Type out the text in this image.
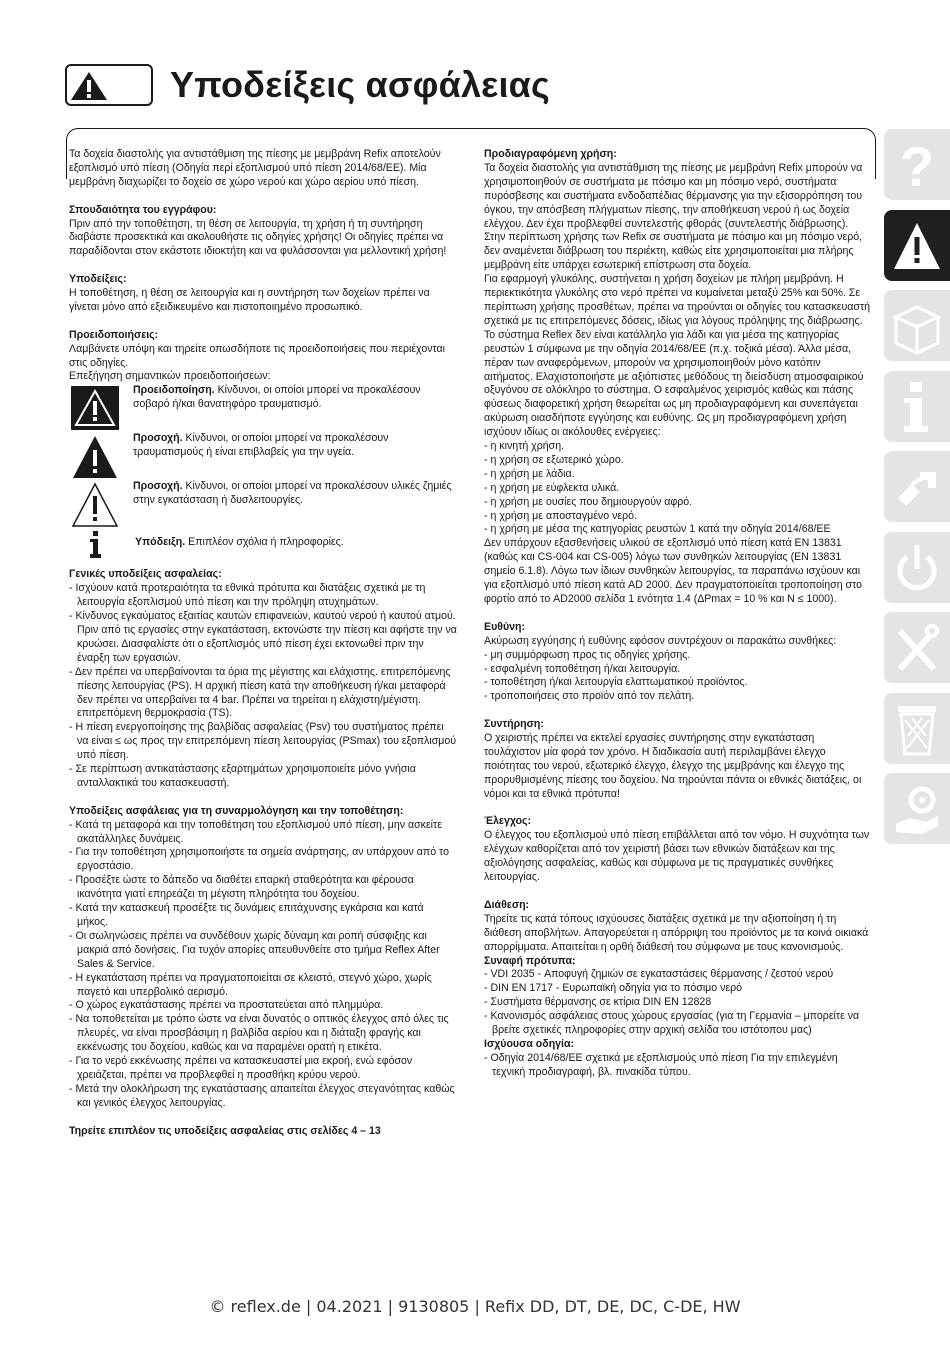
Υποδείξεις ασφάλειας

Τα δοχεία διαστολής για αντιστάθμιση της πίεσης με μεμβράνη Refix αποτελούν εξοπλισμό υπό πίεση (Οδηγία περί εξοπλισμού υπό πίεση 2014/68/ΕΕ). Μία μεμβράνη διαχωρίζει το δοχείο σε χώρο νερού και χώρο αερίου υπό πίεση.

Σπουδαιότητα του εγγράφου:

Πριν από την τοποθέτηση, τη θέση σε λειτουργία, τη χρήση ή τη συντήρηση διαβάστε προσεκτικά και ακολουθήστε τις οδηγίες χρήσης! Οι οδηγίες πρέπει να παραδίδονται στον εκάστοτε ιδιοκτήτη και να φυλάσσονται για μελλοντική χρήση!

Υποδείξεις:

Η τοποθέτηση, η θέση σε λειτουργία και η συντήρηση των δοχείων πρέπει να γίνεται μόνο από εξειδικευμένο και πιστοποιημένο προσωπικό.

Προειδοποιήσεις:

Λαμβάνετε υπόψη και τηρείτε οπωσδήποτε τις προειδοποιήσεις που περιέχονται στις οδηγίες.

Επεξήγηση σημαντικών προειδοποιήσεων:

Προειδοποίηση. Κίνδυνοι, οι οποίοι μπορεί να προκαλέσουν σοβαρό ή/και θανατηφόρο τραυματισμό.
Προσοχή. Κίνδυνοι, οι οποίοι μπορεί να προκαλέσουν τραυματισμούς ή είναι επιβλαβείς για την υγεία.
Προσοχή. Κίνδυνοι, οι οποίοι μπορεί να προκαλέσουν υλικές ζημιές στην εγκατάσταση ή δυσλειτουργίες.
Υπόδειξη. Επιπλέον σχόλια ή πληροφορίες.
Γενικές υποδείξεις ασφαλείας:
- Ισχύουν κατά προτεραιότητα τα εθνικά πρότυπα και διατάξεις σχετικά με τη λειτουργία εξοπλισμού υπό πίεση και την πρόληψη ατυχημάτων.
- Κίνδυνος εγκαύματος εξαιτίας καυτών επιφανειών, καυτού νερού ή καυτού ατμού. Πριν από τις εργασίες στην εγκατάσταση, εκτονώστε την πίεση και αφήστε την να κρυώσει. Διασφαλίστε ότι ο εξοπλισμός υπό πίεση έχει εκτονωθεί πριν την έναρξη των εργασιών.
- Δεν πρέπει να υπερβαίνονται τα όρια της μέγιστης και ελάχιστης. επιτρεπόμενης πίεσης λειτουργίας (PS). Η αρχική πίεση κατά την αποθήκευση ή/και μεταφορά δεν πρέπει να υπερβαίνει τα 4 bar. Πρέπει να τηρείται η ελάχιστη/μέγιστη. επιτρεπόμενη θερμοκρασία (TS).
- Η πίεση ενεργοποίησης της βαλβίδας ασφαλείας (Psv) του συστήματος πρέπει να είναι ≤ ως προς την επιτρεπόμενη πίεση λειτουργίας (PSmax) του εξοπλισμού υπό πίεση.
- Σε περίπτωση αντικατάστασης εξαρτημάτων χρησιμοποιείτε μόνο γνήσια ανταλλακτικά του κατασκευαστή.
Υποδείξεις ασφάλειας για τη συναρμολόγηση και την τοποθέτηση:
- Κατά τη μεταφορά και την τοποθέτηση του εξοπλισμού υπό πίεση, μην ασκείτε ακατάλληλες δυνάμεις.
- Για την τοποθέτηση χρησιμοποιήστε τα σημεία ανάρτησης, αν υπάρχουν από το εργοστάσιο.
- Προσέξτε ώστε το δάπεδο να διαθέτει επαρκή σταθερότητα και φέρουσα ικανότητα γιατί επηρεάζει τη μέγιστη πληρότητα του δοχείου.
- Κατά την κατασκευή προσέξτε τις δυνάμεις επιτάχυνσης εγκάρσια και κατά μήκος.
- Οι σωληνώσεις πρέπει να συνδέθουν χωρίς δύναμη και ροπή σύσφιξης και μακριά από δονήσεις. Για τυχόν απορίες απευθυνθείτε στο τμήμα Reflex After Sales & Service.
- Η εγκατάσταση πρέπει να πραγματοποιείται σε κλειστό, στεγνό χώρο, χωρίς παγετό και υπερβολικό αερισμό.
- Ο χώρος εγκατάστασης πρέπει να προστατεύεται από πλημμύρα.
- Να τοποθετείται με τρόπο ώστε να είναι δυνατός ο οπτικός έλεγχος από όλες τις πλευρές, να είναι προσβάσιμη η βαλβίδα αερίου και η διάταξη φραγής και εκκένωσης του δοχείου, καθώς και να παραμένει ορατή η ετικέτα.
- Για το νερό εκκένωσης πρέπει να κατασκευαστεί μια εκροή, ενώ εφόσον χρειάζεται, πρέπει να προβλεφθεί η προσθήκη κρύου νερού.
- Μετά την ολοκλήρωση της εγκατάστασης απαιτείται έλεγχος στεγανότητας καθώς και γενικός έλεγχος λειτουργίας.
Τηρείτε επιπλέον τις υποδείξεις ασφαλείας στις σελίδες 4 – 13
Προδιαγραφόμενη χρήση:

Τα δοχεία διαστολής για αντιστάθμιση της πίεσης με μεμβράνη Refix μπορούν να χρησιμοποιηθούν σε συστήματα με πόσιμο και μη πόσιμο νερό, συστήματα πυρόσβεσης και συστήματα ενδοδαπέδιας θέρμανσης για την εξισορρόπηση του όγκου, την απόσβεση πλήγματων πίεσης, την αποθήκευση νερού ή ως δοχεία ελέγχου. Δεν έχει προβλεφθεί συντελεστής φθοράς (συντελεστής διάβρωσης). Στην περίπτωση χρήσης των Refix σε συστήματα με πόσιμο και μη πόσιμο νερό, δεν αναμένεται διάβρωση του περιέκτη, καθώς είτε χρησιμοποιείται μια πλήρης μεμβράνη είτε υπάρχει εσωτερική επίστρωση στα δοχεία.

Για εφαρμογή γλυκόλης, συστήνεται η χρήση δοχείων με πλήρη μεμβράνη. Η περιεκτικότητα γλυκόλης στο νερό πρέπει να κυμαίνεται μεταξύ 25% και 50%. Σε περίπτωση χρήσης προσθέτων, πρέπει να τηρούνται οι οδηγίες του κατασκευαστή σχετικά με τις επιτρεπόμενες δόσεις, ιδίως για λόγους πρόληψης της διάβρωσης.

Το σύστημα Reflex δεν είναι κατάλληλο για λάδι και για μέσα της κατηγορίας ρευστών 1 σύμφωνα με την οδηγία 2014/68/ΕΕ (π.χ. τοξικά μέσα). Άλλα μέσα, πέραν των αναφερόμενων, μπορούν να χρησιμοποιηθούν μόνο κατόπιν αιτήματος. Ελαχιστοποιήστε με αξιόπιστες μεθόδους τη διείσδυση ατμοσφαιρικού οξυγόνου σε ολόκληρο το σύστημα. Ο εσφαλμένος χειρισμός καθώς και πάσης φύσεως διαφορετική χρήση θεωρείται ως μη προδιαγραφόμενη και συνεπάγεται ακύρωση οιασδήποτε εγγύησης και ευθύνης. Ως μη προδιαγραφόμενη χρήση ισχύουν ιδίως οι ακόλουθες ενέργειες:

- η κινητή χρήση.
- η χρήση σε εξωτερικό χώρο.
- η χρήση με λάδια.
- η χρήση με εύφλεκτα υλικά.
- η χρήση με ουσίες που δημιουργούν αφρό.
- η χρήση με αποσταγμένο νερό.
- η χρήση με μέσα της κατηγορίας ρευστών 1 κατά την οδηγία 2014/68/ΕΕ

Δεν υπάρχουν εξασθενήσεις υλικού σε εξοπλισμό υπό πίεση κατά EN 13831 (καθώς και CS-004 και CS-005) λόγω των συνθηκών λειτουργίας (EN 13831 σημείο 6.1.8). Λόγω των ίδιων συνθηκών λειτουργίας, τα παραπάνω ισχύουν και για εξοπλισμό υπό πίεση κατά AD 2000. Δεν πραγματοποιείται τροποποίηση στο φορτίο από το AD2000 σελίδα 1 ενότητα 1.4 (ΔPmax = 10 % και N ≤ 1000).

Ευθύνη:

Ακύρωση εγγύησης ή ευθύνης εφόσον συντρέχουν οι παρακάτω συνθήκες:

- μη συμμόρφωση προς τις οδηγίες χρήσης.
- εσφαλμένη τοποθέτηση ή/και λειτουργία.
- τοποθέτηση ή/και λειτουργία ελαττωματικού προϊόντος.
- τροποποιήσεις στο προϊόν από τον πελάτη.
Συντήρηση:

Ο χειριστής πρέπει να εκτελεί εργασίες συντήρησης στην εγκατάσταση τουλάχιστον μία φορά τον χρόνο. Η διαδικασία αυτή περιλαμβάνει έλεγχο ποιότητας του νερού, εξωτερικό έλεγχο, έλεγχο της μεμβράνης και έλεγχο της προρυθμισμένης πίεσης του δοχείου. Να τηρούνται πάντα οι εθνικές διατάξεις, οι νόμοι και τα εθνικά πρότυπα!

Έλεγχος:

Ο έλεγχος του εξοπλισμού υπό πίεση επιβάλλεται από τον νόμο. Η συχνότητα των ελέγχων καθορίζεται από τον χειριστή βάσει των εθνικών διατάξεων και της αξιολόγησης ασφαλείας, καθώς και σύμφωνα με τις πραγματικές συνθήκες λειτουργίας.

Διάθεση:

Τηρείτε τις κατά τόπους ισχύουσες διατάξεις σχετικά με την αξιοποίηση ή τη διάθεση αποβλήτων. Απαγορεύεται η απόρριψη του προϊόντος με τα κοινά οικιακά απορρίμματα. Απαιτείται η ορθή διάθεσή του σύμφωνα με τους κανονισμούς.

Συναφή πρότυπα:
- VDI 2035 - Αποφυγή ζημιών σε εγκαταστάσεις θέρμανσης / ζεστού νερού
- DIN EN 1717 - Ευρωπαϊκή οδηγία για το πόσιμο νερό
- Συστήματα θέρμανσης σε κτίρια DIN EN 12828
- Κανονισμός ασφάλειας στους χώρους εργασίας (για τη Γερμανία – μπορείτε να βρείτε σχετικές πληροφορίες στην αρχική σελίδα του ιστότοπου μας)
Ισχύουσα οδηγία:
- Οδηγία 2014/68/ΕΕ σχετικά με εξοπλισμούς υπό πίεση Για την επιλεγμένη τεχνική προδιαγραφή, βλ. πινακίδα τύπου.
?
© reflex.de | 04.2021 | 9130805 | Refix DD, DT, DE, DC, C-DE, HW
